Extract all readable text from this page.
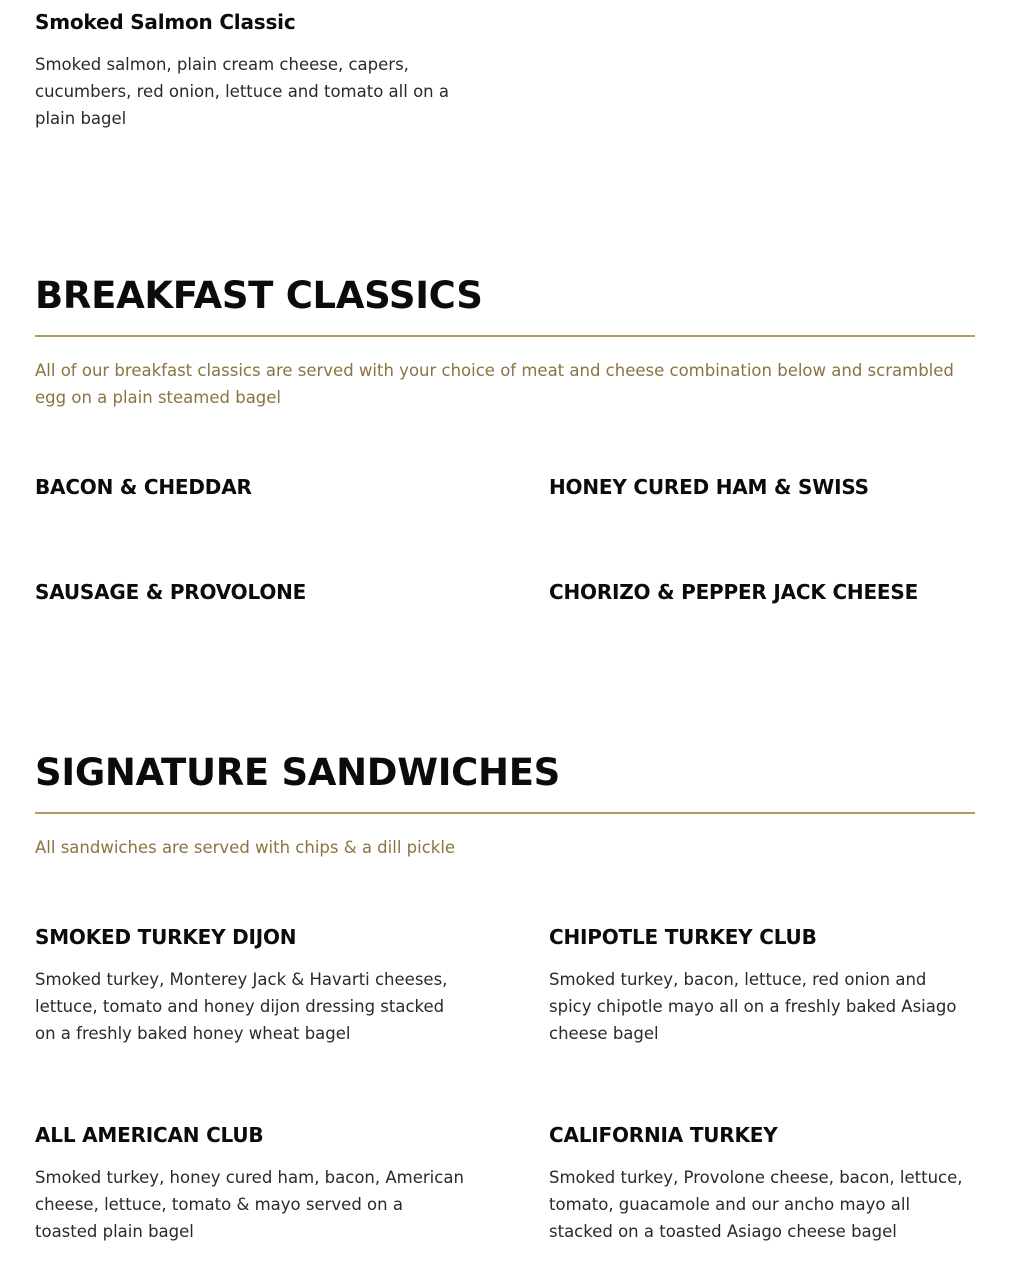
Smoked Salmon Classic

Smoked salmon, plain cream cheese, capers, cucumbers, red onion, lettuce and tomato all on a plain bagel

BREAKFAST CLASSICS

All of our breakfast classics are served with your choice of meat and cheese combination below and scrambled egg on a plain steamed bagel

BACON & CHEDDAR	HONEY CURED HAM & SWISS
SAUSAGE & PROVOLONE	CHORIZO & PEPPER JACK CHEESE
SIGNATURE SANDWICHES

All sandwiches are served with chips & a dill pickle

SMOKED TURKEY DIJON

Smoked turkey, Monterey Jack & Havarti cheeses, lettuce, tomato and honey dijon dressing stacked on a freshly baked honey wheat bagel

CHIPOTLE TURKEY CLUB

Smoked turkey, bacon, lettuce, red onion and spicy chipotle mayo all on a freshly baked Asiago cheese bagel

ALL AMERICAN CLUB

Smoked turkey, honey cured ham, bacon, American cheese, lettuce, tomato & mayo served on a toasted plain bagel

CALIFORNIA TURKEY

Smoked turkey, Provolone cheese, bacon, lettuce, tomato, guacamole and our ancho mayo all stacked on a toasted Asiago cheese bagel
